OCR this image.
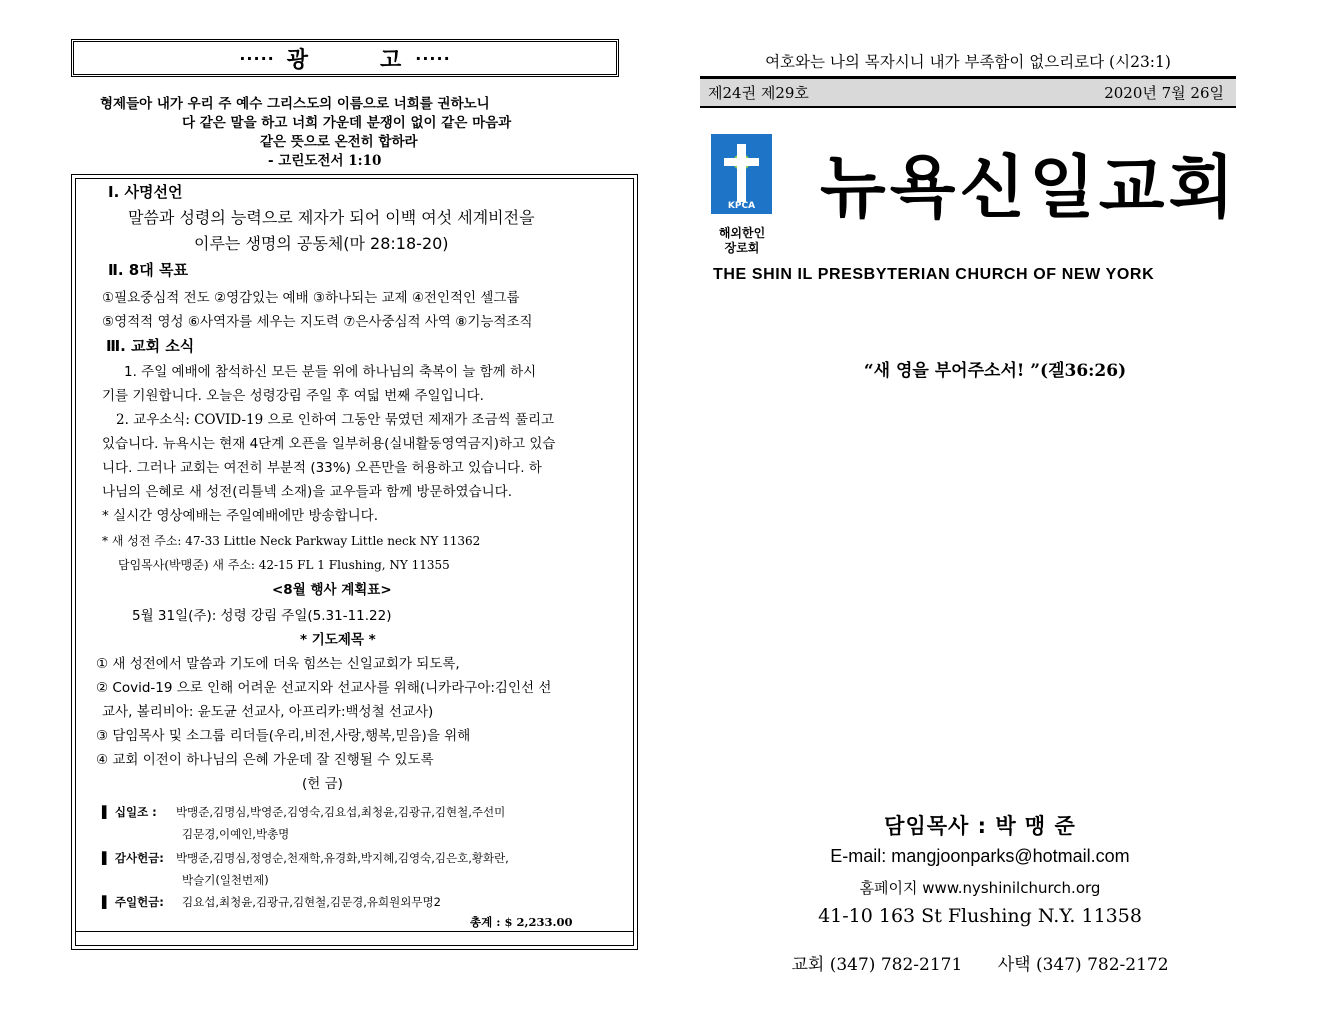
····· 광	고 ·····
형제들아 내가 우리 주 예수 그리스도의 이름으로 너희를 권하노니
다 같은 말을 하고 너희 가운데 분쟁이 없이 같은 마음과
같은 뜻으로 온전히 합하라
- 고린도전서 1:10
Ⅰ. 사명선언
말씀과 성령의 능력으로 제자가 되어 이백 여섯 세계비전을
이루는 생명의 공동체(마 28:18-20)
Ⅱ. 8대 목표
①필요중심적 전도 ②영감있는 예배 ③하나되는 교제 ④전인적인 셀그룹
⑤영적적 영성 ⑥사역자를 세우는 지도력 ⑦은사중심적 사역 ⑧기능적조직
Ⅲ. 교회 소식
1. 주일 예배에 참석하신 모든 분들 위에 하나님의 축복이 늘 함께 하시
기를 기원합니다. 오늘은 성령강림 주일 후 여덟 번째 주일입니다.
2. 교우소식: COVID-19 으로 인하여 그동안 묶였던 제재가 조금씩 풀리고
있습니다. 뉴욕시는 현재 4단계 오픈을 일부허용(실내활동영역금지)하고 있습
니다. 그러나 교회는 여전히 부분적 (33%) 오픈만을 허용하고 있습니다. 하
나님의 은혜로 새 성전(리틀넥 소재)을 교우들과 함께 방문하였습니다.
* 실시간 영상예배는 주일예배에만 방송합니다.
* 새 성전 주소: 47-33 Little Neck Parkway Little neck NY 11362
담임목사(박맹준) 새 주소: 42-15 FL 1 Flushing, NY 11355
<8월 행사 계획표>
5월 31일(주): 성령 강림 주일(5.31-11.22)
* 기도제목 *
① 새 성전에서 말씀과 기도에 더욱 힘쓰는 신일교회가 되도록,
② Covid-19 으로 인해 어려운 선교지와 선교사를 위해(니카라구아:김인선 선
교사, 볼리비아: 윤도균 선교사, 아프리카:백성철 선교사)
③ 담임목사 및 소그룹 리더들(우리,비전,사랑,행복,믿음)을 위해
④ 교회 이전이 하나님의 은혜 가운데 잘 진행될 수 있도록
(헌 금)
▌ 십일조 : 박맹준,김명심,박영준,김영숙,김요섭,최청윤,김광규,김현철,주선미
김문경,이예인,박총명
▌ 감사헌금: 박맹준,김명심,정영순,천재학,유경화,박지혜,김영숙,김은호,황화란,
박슬기(일천번제)
▌ 주일헌금: 김요섭,최청윤,김광규,김현철,김문경,유희원외무명2
총계 : $ 2,233.00
여호와는 나의 목자시니 내가 부족함이 없으리로다 (시23:1)
제24권 제29호	2020년 7월 26일
KPCA
해외한인
장로회
뉴욕신일교회
THE SHIN IL PRESBYTERIAN CHURCH OF NEW YORK
“새 영을 부어주소서! ”(겔36:26)
담임목사 : 박 맹 준
E-mail: mangjoonparks@hotmail.com
홈페이지 www.nyshinilchurch.org
41-10 163 St Flushing N.Y. 11358
교회 (347) 782-2171 사택 (347) 782-2172
